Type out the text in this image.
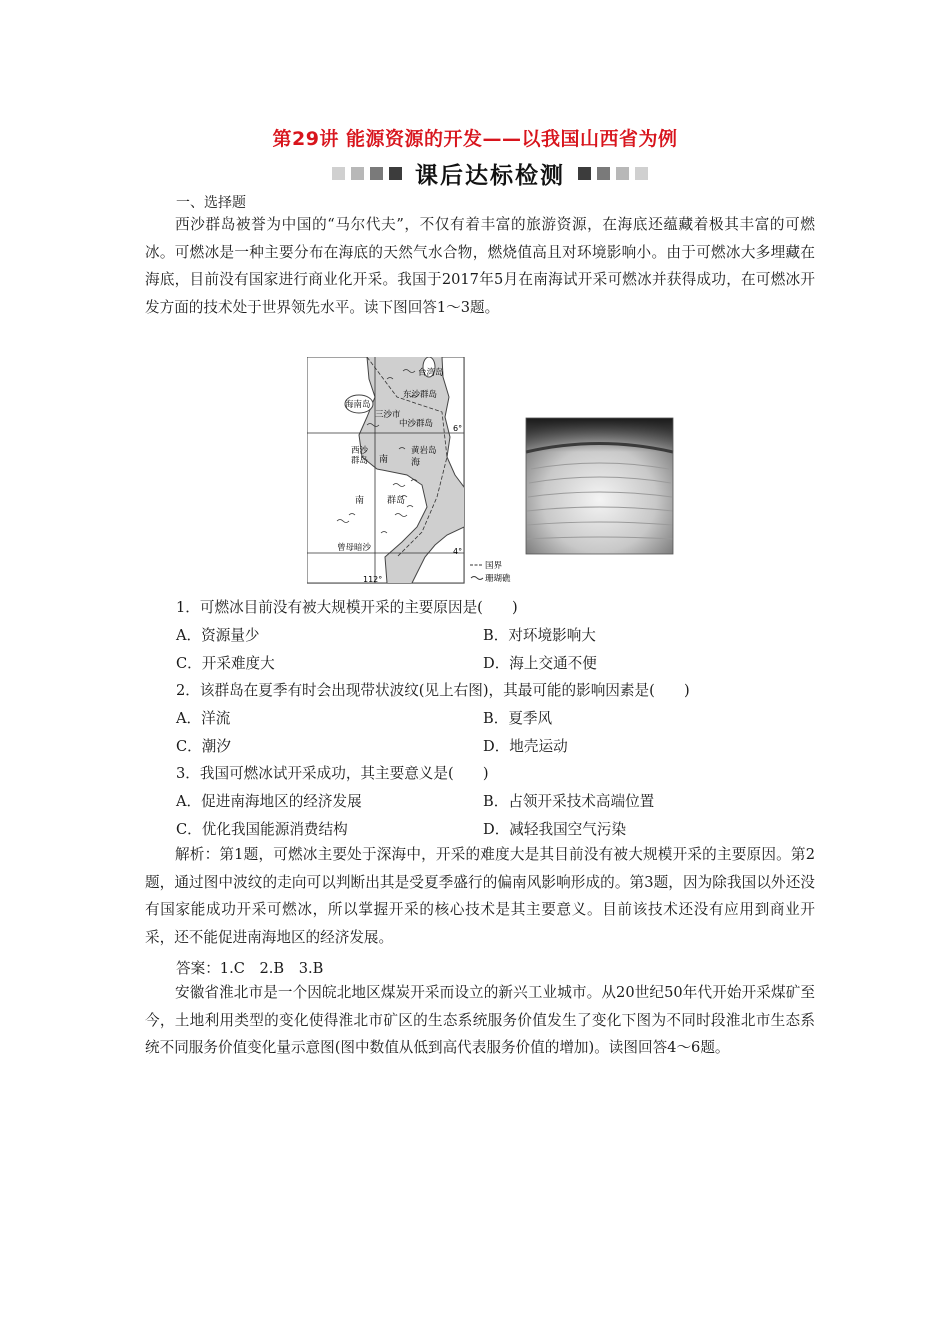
第29讲 能源资源的开发——以我国山西省为例
课后达标检测
一、选择题

西沙群岛被誉为中国的“马尔代夫”，不仅有着丰富的旅游资源，在海底还蕴藏着极其丰富的可燃冰。可燃冰是一种主要分布在海底的天然气水合物，燃烧值高且对环境影响小。由于可燃冰大多埋藏在海底，目前没有国家进行商业化开采。我国于2017年5月在南海试开采可燃冰并获得成功，在可燃冰开发方面的技术处于世界领先水平。读下图回答1～3题。

台湾岛
海南岛
东沙群岛
三沙市
中沙群岛
西沙群岛 南
黄岩岛
海
南	群岛
曾母暗沙
6°
4°
112°
国界
珊瑚礁
1．可燃冰目前没有被大规模开采的主要原因是(　　)
A．资源量少	B．对环境影响大
C．开采难度大	D．海上交通不便
2．该群岛在夏季有时会出现带状波纹(见上右图)，其最可能的影响因素是(　　)
A．洋流	B．夏季风
C．潮汐	D．地壳运动
3．我国可燃冰试开采成功，其主要意义是(　　)
A．促进南海地区的经济发展	B．占领开采技术高端位置
C．优化我国能源消费结构	D．减轻我国空气污染

解析：第1题，可燃冰主要处于深海中，开采的难度大是其目前没有被大规模开采的主要原因。第2题，通过图中波纹的走向可以判断出其是受夏季盛行的偏南风影响形成的。第3题，因为除我国以外还没有国家能成功开采可燃冰，所以掌握开采的核心技术是其主要意义。目前该技术还没有应用到商业开采，还不能促进南海地区的经济发展。

答案：1.C　2.B　3.B

安徽省淮北市是一个因皖北地区煤炭开采而设立的新兴工业城市。从20世纪50年代开始开采煤矿至今，土地利用类型的变化使得淮北市矿区的生态系统服务价值发生了变化下图为不同时段淮北市生态系统不同服务价值变化量示意图(图中数值从低到高代表服务价值的增加)。读图回答4～6题。
